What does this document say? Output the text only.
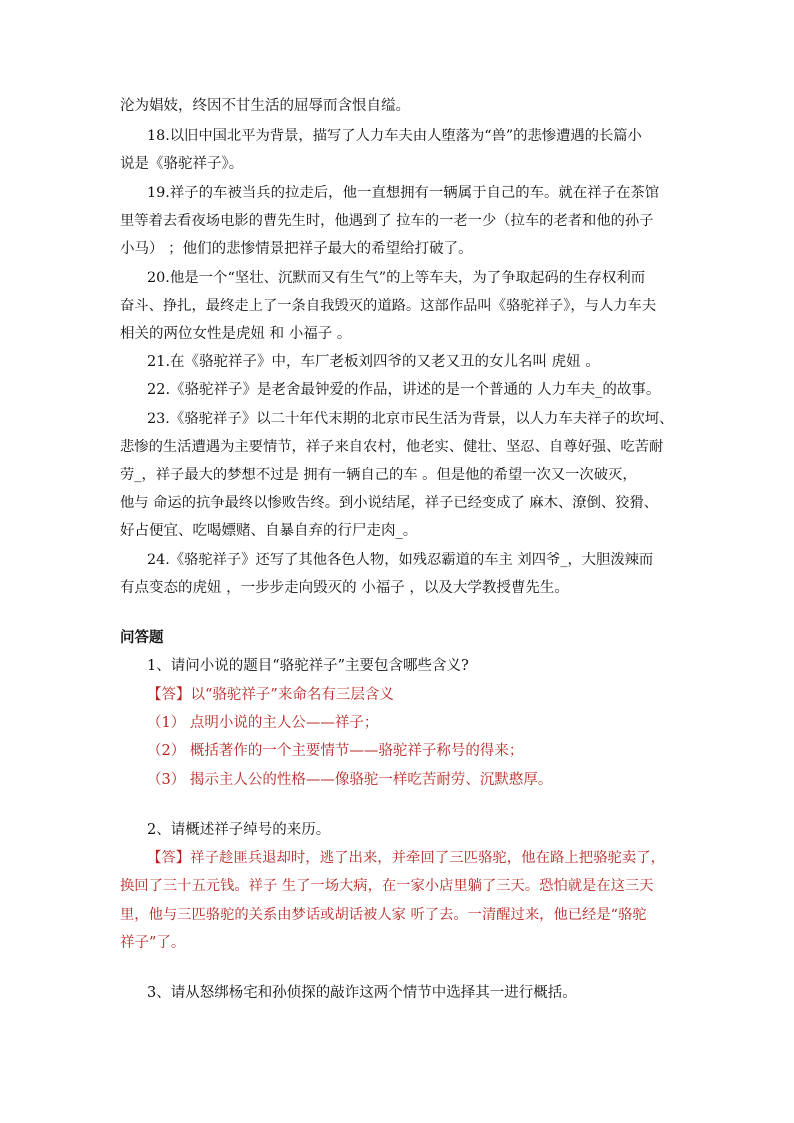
沦为娼妓，终因不甘生活的屈辱而含恨自缢。
18.以旧中国北平为背景，描写了人力车夫由人堕落为“兽”的悲惨遭遇的长篇小
说是《骆驼祥子》。
19.祥子的车被当兵的拉走后，他一直想拥有一辆属于自己的车。就在祥子在茶馆
里等着去看夜场电影的曹先生时，他遇到了 拉车的一老一少（拉车的老者和他的孙子
小马） ；他们的悲惨情景把祥子最大的希望给打破了。
20.他是一个“坚壮、沉默而又有生气”的上等车夫，为了争取起码的生存权利而
奋斗、挣扎，最终走上了一条自我毁灭的道路。这部作品叫《骆驼祥子》，与人力车夫
相关的两位女性是虎妞 和 小福子 。
21.在《骆驼祥子》中，车厂老板刘四爷的又老又丑的女儿名叫 虎妞 。
22.《骆驼祥子》是老舍最钟爱的作品，讲述的是一个普通的 人力车夫_的故事。
23.《骆驼祥子》以二十年代末期的北京市民生活为背景，以人力车夫祥子的坎坷、
悲惨的生活遭遇为主要情节，祥子来自农村，他老实、健壮、坚忍、自尊好强、吃苦耐
劳_，祥子最大的梦想不过是 拥有一辆自己的车 。但是他的希望一次又一次破灭，
他与 命运的抗争最终以惨败告终。到小说结尾，祥子已经变成了 麻木、潦倒、狡猾、
好占便宜、吃喝嫖赌、自暴自弃的行尸走肉_。
24.《骆驼祥子》还写了其他各色人物，如残忍霸道的车主 刘四爷_，大胆泼辣而
有点变态的虎妞 ，一步步走向毁灭的 小福子 ，以及大学教授曹先生。
问答题
1、请问小说的题目“骆驼祥子”主要包含哪些含义?
【答】以“骆驼祥子”来命名有三层含义
（1） 点明小说的主人公——祥子；
（2） 概括著作的一个主要情节——骆驼祥子称号的得来；
（3） 揭示主人公的性格——像骆驼一样吃苦耐劳、沉默憨厚。
2、请概述祥子绰号的来历。
【答】祥子趁匪兵退却时，逃了出来，并牵回了三匹骆驼，他在路上把骆驼卖了，
换回了三十五元钱。祥子 生了一场大病，在一家小店里躺了三天。恐怕就是在这三天
里，他与三匹骆驼的关系由梦话或胡话被人家 听了去。一清醒过来，他已经是“骆驼
祥子”了。
3、请从怒绑杨宅和孙侦探的敲诈这两个情节中选择其一进行概括。
